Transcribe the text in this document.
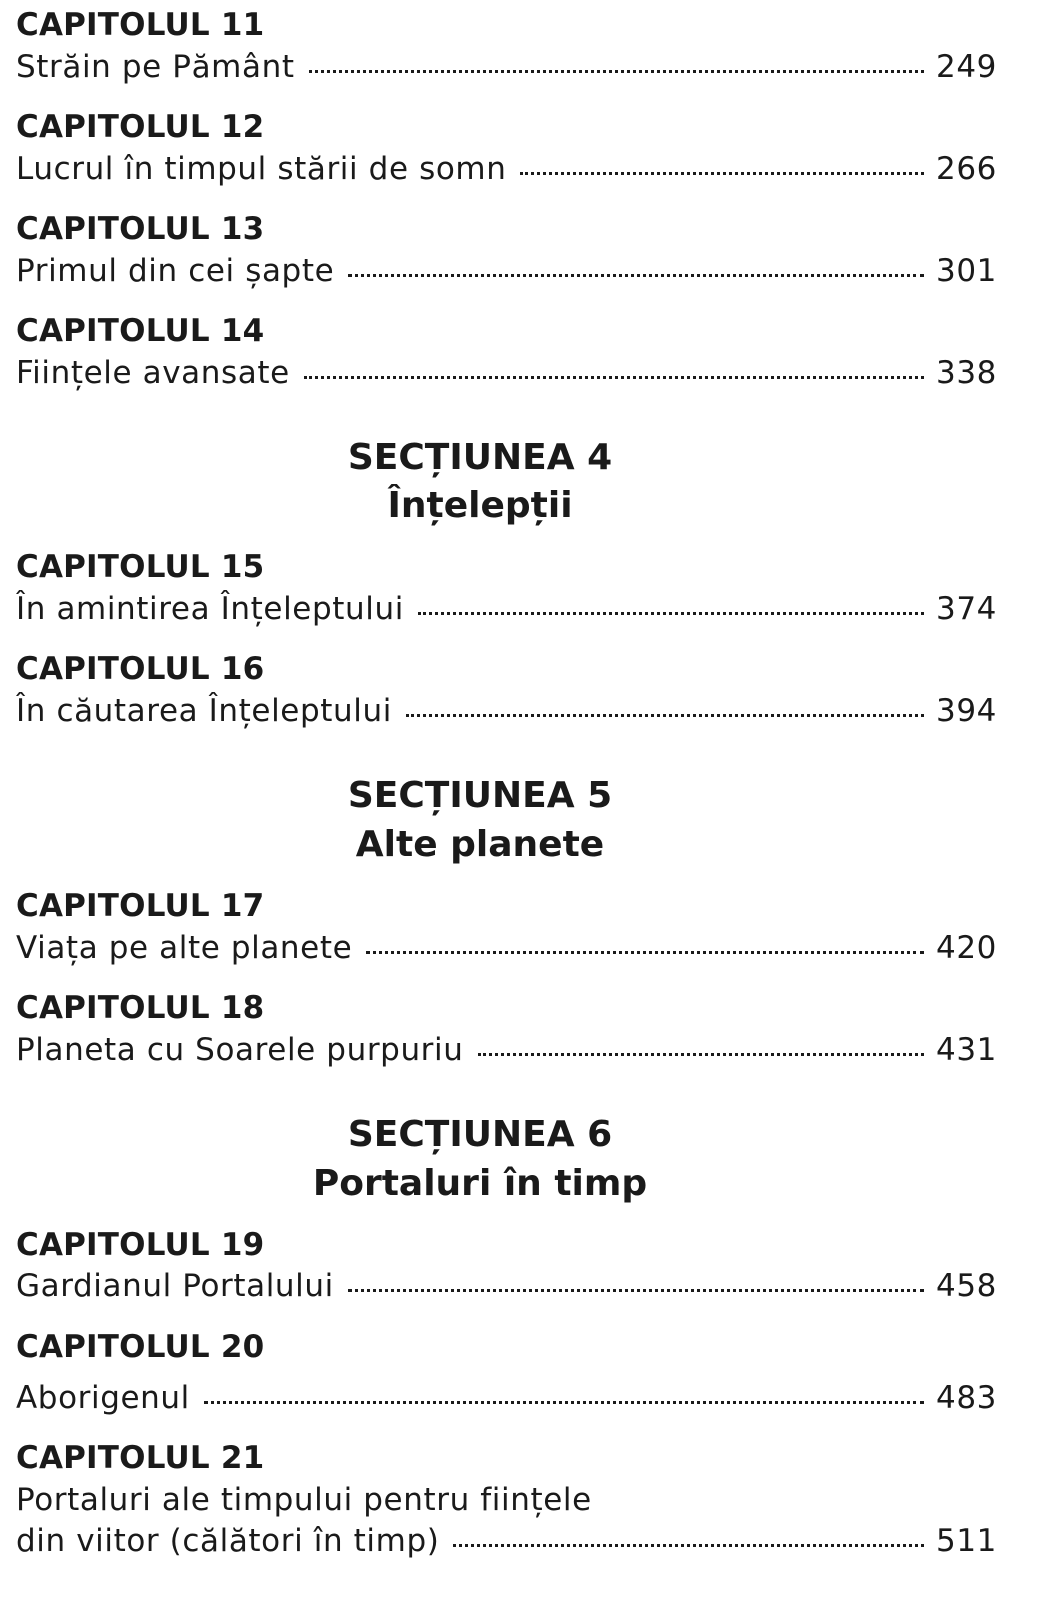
CAPITOLUL 11
Străin pe Pământ	249
CAPITOLUL 12
Lucrul în timpul stării de somn	266
CAPITOLUL 13
Primul din cei șapte	301
CAPITOLUL 14
Ființele avansate	338
SECȚIUNEA 4
Înțelepții
CAPITOLUL 15
În amintirea Înțeleptului	374
CAPITOLUL 16
În căutarea Înțeleptului	394
SECȚIUNEA 5
Alte planete
CAPITOLUL 17
Viața pe alte planete	420
CAPITOLUL 18
Planeta cu Soarele purpuriu	431
SECȚIUNEA 6
Portaluri în timp
CAPITOLUL 19
Gardianul Portalului	458
CAPITOLUL 20
Aborigenul	483
CAPITOLUL 21
Portaluri ale timpului pentru ființele
din viitor (călători în timp)	511
